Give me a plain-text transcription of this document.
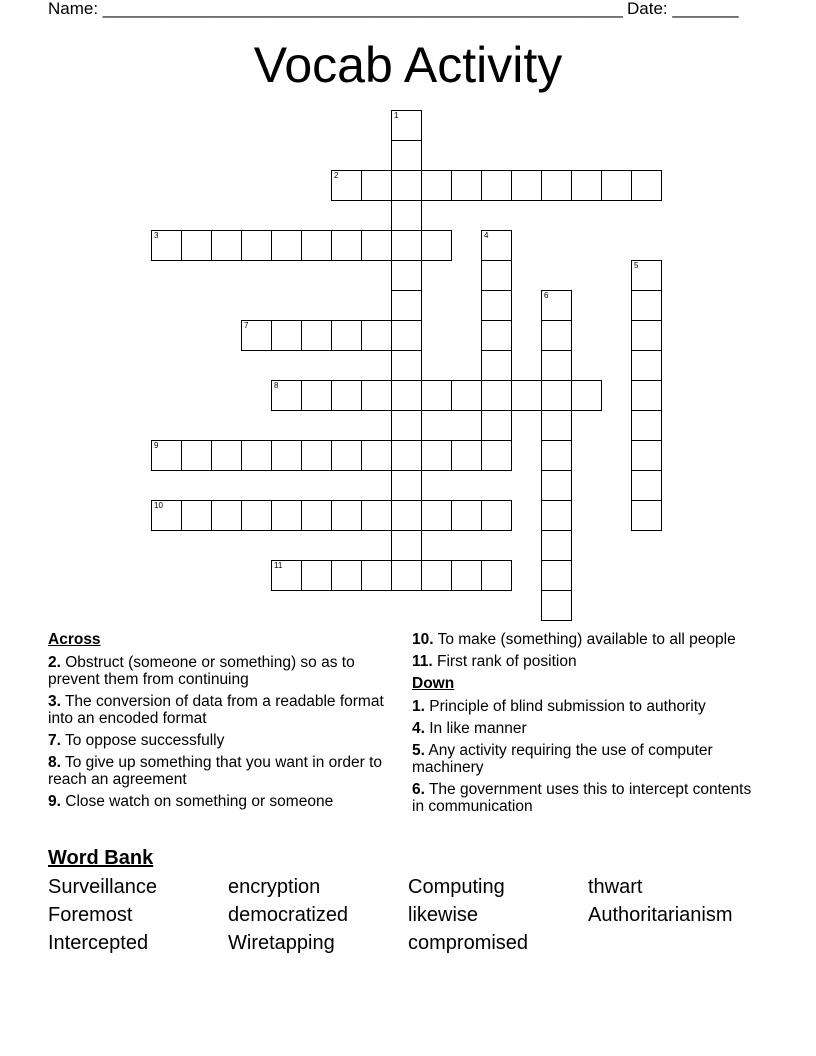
Name: _______________________________________________________ Date: _______
Vocab Activity
2
3
7
8
9
10
11
1
4
5
6
Across
2. Obstruct (someone or something) so as to prevent them from continuing
3. The conversion of data from a readable format into an encoded format
7. To oppose successfully
8. To give up something that you want in order to reach an agreement
9. Close watch on something or someone
10. To make (something) available to all people
11. First rank of position
Down
1. Principle of blind submission to authority
4. In like manner
5. Any activity requiring the use of computer machinery
6. The government uses this to intercept contents in communication
Word Bank
Surveillance	encryption	Computing	thwart
Foremost	democratized	likewise	Authoritarianism
Intercepted	Wiretapping	compromised
